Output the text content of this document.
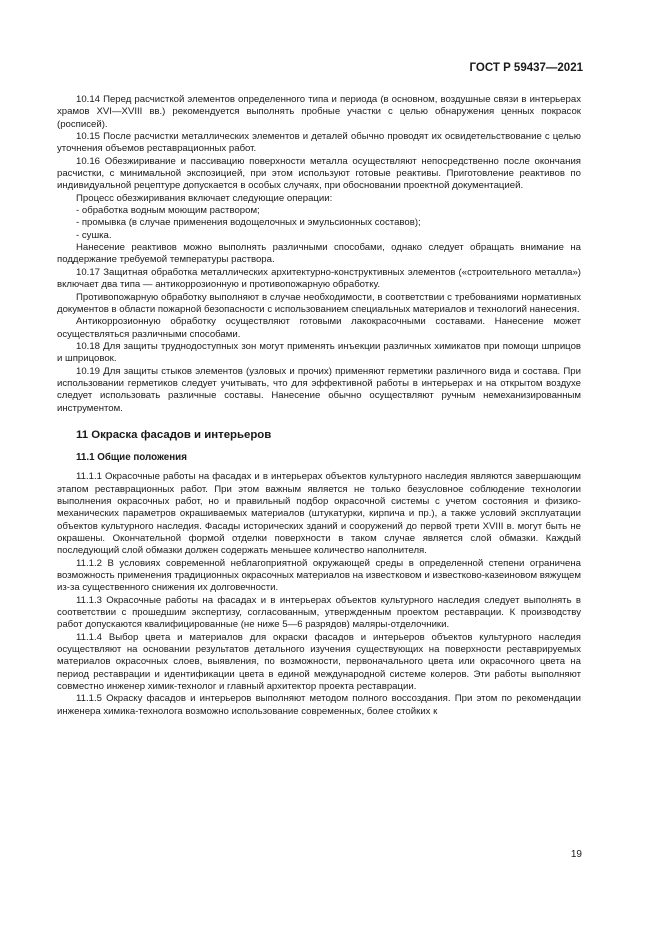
ГОСТ Р 59437—2021

10.14 Перед расчисткой элементов определенного типа и периода (в основном, воздушные связи в интерьерах храмов XVI—XVIII вв.) рекомендуется выполнять пробные участки с целью обнаружения ценных покрасок (росписей).

10.15 После расчистки металлических элементов и деталей обычно проводят их освидетельствование с целью уточнения объемов реставрационных работ.

10.16 Обезжиривание и пассивацию поверхности металла осуществляют непосредственно после окончания расчистки, с минимальной экспозицией, при этом используют готовые реактивы. Приготовление реактивов по индивидуальной рецептуре допускается в особых случаях, при обосновании проектной документацией.

Процесс обезжиривания включает следующие операции:

- обработка водным моющим раствором;

- промывка (в случае применения водощелочных и эмульсионных составов);

- сушка.

Нанесение реактивов можно выполнять различными способами, однако следует обращать внимание на поддержание требуемой температуры раствора.

10.17 Защитная обработка металлических архитектурно-конструктивных элементов («строительного металла») включает два типа — антикоррозионную и противопожарную обработку.

Противопожарную обработку выполняют в случае необходимости, в соответствии с требованиями нормативных документов в области пожарной безопасности с использованием специальных материалов и технологий нанесения.

Антикоррозионную обработку осуществляют готовыми лакокрасочными составами. Нанесение может осуществляться различными способами.

10.18 Для защиты труднодоступных зон могут применять инъекции различных химикатов при помощи шприцов и шприцовок.

10.19 Для защиты стыков элементов (узловых и прочих) применяют герметики различного вида и состава. При использовании герметиков следует учитывать, что для эффективной работы в интерьерах и на открытом воздухе следует использовать различные составы. Нанесение обычно осуществляют ручным немеханизированным инструментом.

11 Окраска фасадов и интерьеров

11.1 Общие положения

11.1.1 Окрасочные работы на фасадах и в интерьерах объектов культурного наследия являются завершающим этапом реставрационных работ. При этом важным является не только безусловное соблюдение технологии выполнения окрасочных работ, но и правильный подбор окрасочной системы с учетом состояния и физико-механических параметров окрашиваемых материалов (штукатурки, кирпича и пр.), а также условий эксплуатации объектов культурного наследия. Фасады исторических зданий и сооружений до первой трети XVIII в. могут быть не окрашены. Окончательной формой отделки поверхности в таком случае является слой обмазки. Каждый последующий слой обмазки должен содержать меньшее количество наполнителя.

11.1.2 В условиях современной неблагоприятной окружающей среды в определенной степени ограничена возможность применения традиционных окрасочных материалов на известковом и известково-казеиновом вяжущем из-за существенного снижения их долговечности.

11.1.3 Окрасочные работы на фасадах и в интерьерах объектов культурного наследия следует выполнять в соответствии с прошедшим экспертизу, согласованным, утвержденным проектом реставрации. К производству работ допускаются квалифицированные (не ниже 5—6 разрядов) маляры-отделочники.

11.1.4 Выбор цвета и материалов для окраски фасадов и интерьеров объектов культурного наследия осуществляют на основании результатов детального изучения существующих на поверхности реставрируемых материалов окрасочных слоев, выявления, по возможности, первоначального цвета или окрасочного цвета на период реставрации и идентификации цвета в единой международной системе колеров. Эти работы выполняют совместно инженер химик-технолог и главный архитектор проекта реставрации.

11.1.5 Окраску фасадов и интерьеров выполняют методом полного воссоздания. При этом по рекомендации инженера химика-технолога возможно использование современных, более стойких к

19
